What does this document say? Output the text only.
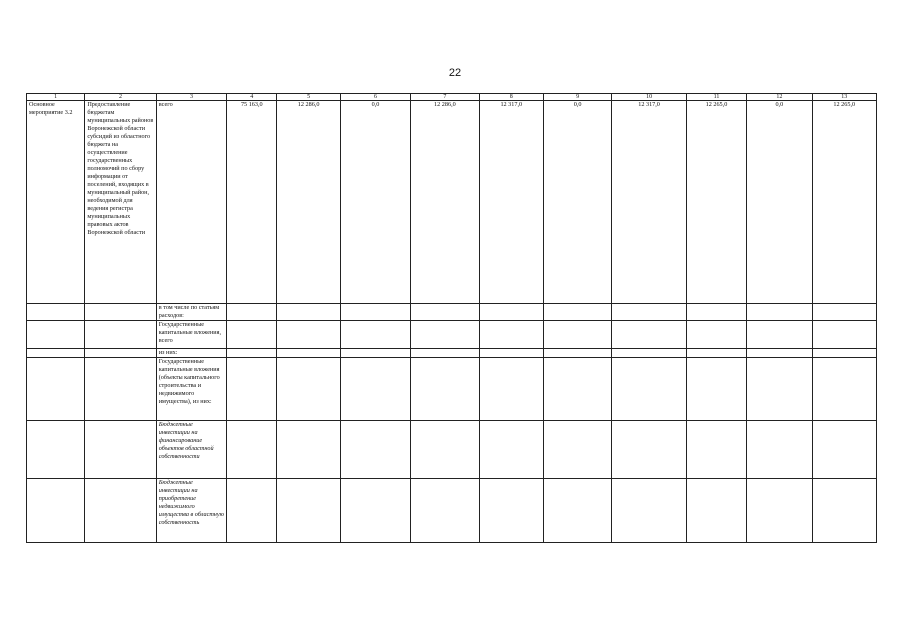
22
1	2	3	4	5	6	7	8	9	10	11	12	13
Основное мероприятие 3.2	Предоставление бюджетам муниципальных районов Воронежской области субсидий из областного бюджета на осуществление государственных полномочий по сбору информации от поселений, входящих в муниципальный район, необходимой для ведения регистра муниципальных правовых актов Воронежской области	всего	75 163,0	12 286,0	0,0	12 286,0	12 317,0	0,0	12 317,0	12 265,0	0,0	12 265,0
		в том числе по статьям расходов:										
		Государственные капитальные вложения, всего										
		из них:										
		Государственные капитальные вложения (объекты капитального строительства и недвижимого имущества), из них:										
		Бюджетные инвестиции на финансирование объектов областной собственности										
		Бюджетные инвестиции на приобретение недвижимого имущества в областную собственность										
